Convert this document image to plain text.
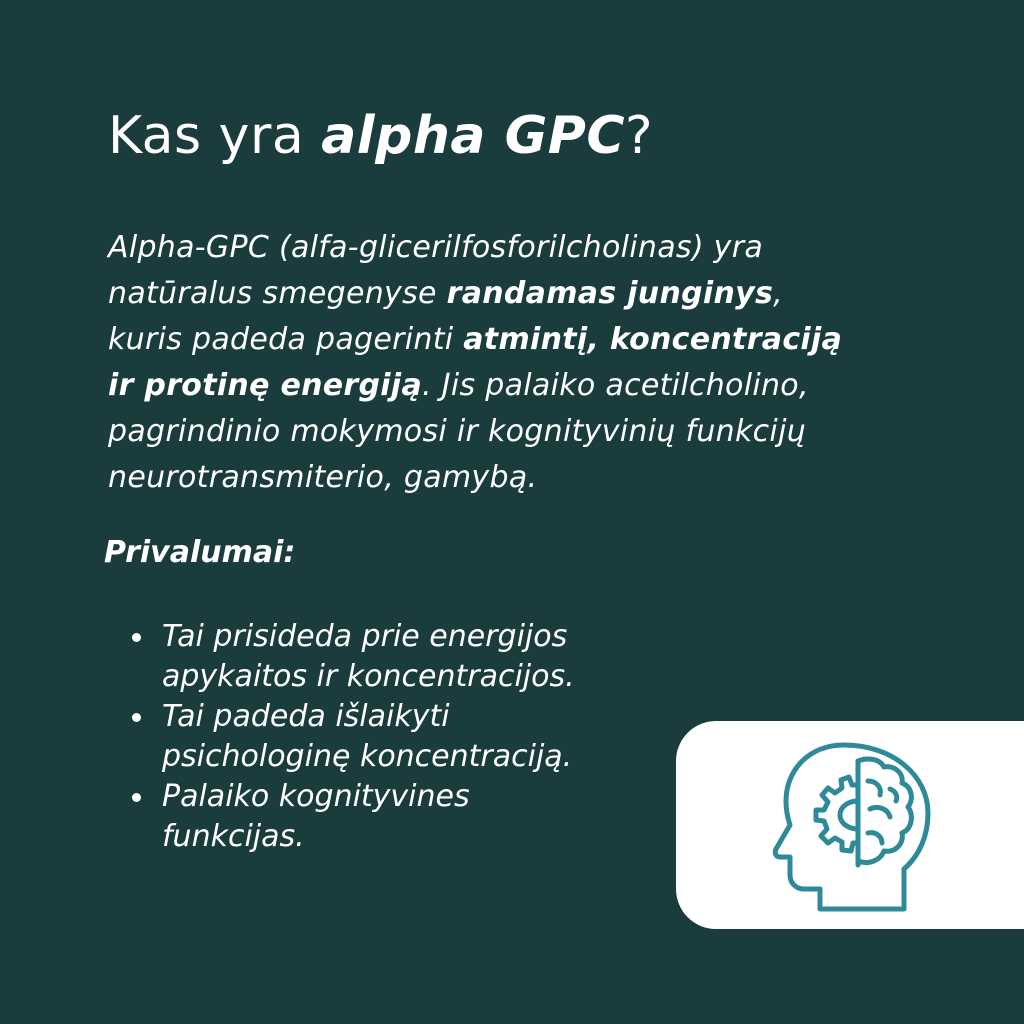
Kas yra alpha GPC?

Alpha-GPC (alfa-glicerilfosforilcholinas) yra
natūralus smegenyse randamas junginys,
kuris padeda pagerinti atmintį, koncentraciją
ir protinę energiją. Jis palaiko acetilcholino,
pagrindinio mokymosi ir kognityvinių funkcijų
neurotransmiterio, gamybą.

Privalumai:
Tai prisideda prie energijos
apykaitos ir koncentracijos.
Tai padeda išlaikyti
psichologinę koncentraciją.
Palaiko kognityvines
funkcijas.
